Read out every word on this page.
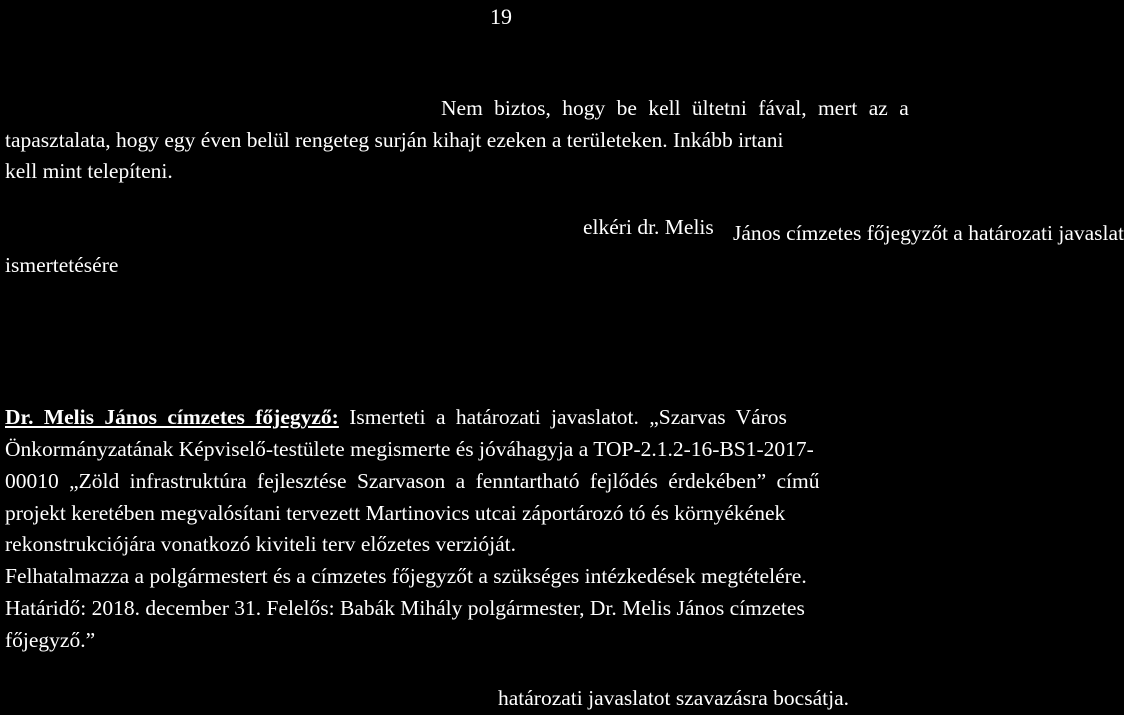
19
Nem biztos, hogy be kell ültetni fával, mert az a
tapasztalata, hogy egy éven belül rengeteg surján kihajt ezeken a területeken. Inkább irtani
kell mint telepíteni.
elkéri dr. Melis János címzetes főjegyzőt a határozati javaslat
ismertetésére
Dr. Melis János címzetes főjegyző: Ismerteti a határozati javaslatot. „Szarvas Város
Önkormányzatának Képviselő-testülete megismerte és jóváhagyja a TOP-2.1.2-16-BS1-2017-
00010 „Zöld infrastruktúra fejlesztése Szarvason a fenntartható fejlődés érdekében” című
projekt keretében megvalósítani tervezett Martinovics utcai záportározó tó és környékének
rekonstrukciójára vonatkozó kiviteli terv előzetes verzióját.
Felhatalmazza a polgármestert és a címzetes főjegyzőt a szükséges intézkedések megtételére.
Határidő: 2018. december 31. Felelős: Babák Mihály polgármester, Dr. Melis János címzetes
főjegyző.”
határozati javaslatot szavazásra bocsátja.
